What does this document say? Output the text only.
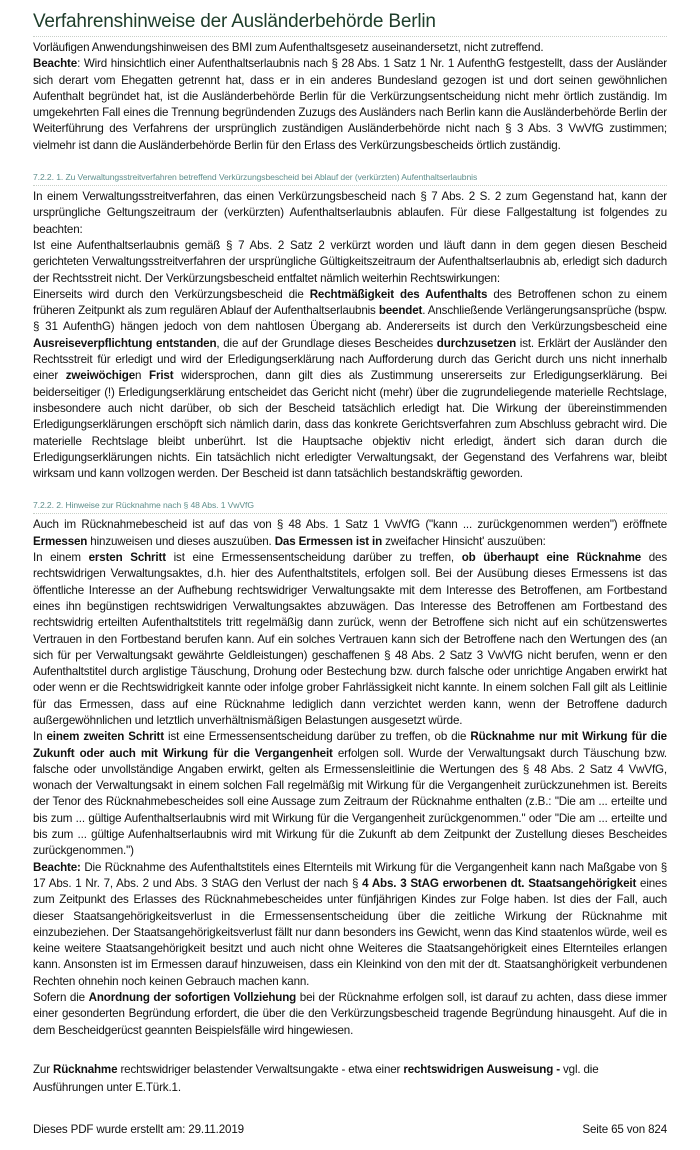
Verfahrenshinweise der Ausländerbehörde Berlin

Vorläufigen Anwendungshinweisen des BMI zum Aufenthaltsgesetz auseinandersetzt, nicht zutreffend.

Beachte: Wird hinsichtlich einer Aufenthaltserlaubnis nach § 28 Abs. 1 Satz 1 Nr. 1 AufenthG festgestellt, dass der Ausländer sich derart vom Ehegatten getrennt hat, dass er in ein anderes Bundesland gezogen ist und dort seinen gewöhnlichen Aufenthalt begründet hat, ist die Ausländerbehörde Berlin für die Verkürzungsentscheidung nicht mehr örtlich zuständig. Im umgekehrten Fall eines die Trennung begründenden Zuzugs des Ausländers nach Berlin kann die Ausländerbehörde Berlin der Weiterführung des Verfahrens der ursprünglich zuständigen Ausländerbehörde nicht nach § 3 Abs. 3 VwVfG zustimmen; vielmehr ist dann die Ausländerbehörde Berlin für den Erlass des Verkürzungsbescheids örtlich zuständig.

7.2.2. 1. Zu Verwaltungsstreitverfahren betreffend Verkürzungsbescheid bei Ablauf der (verkürzten) Aufenthaltserlaubnis

In einem Verwaltungsstreitverfahren, das einen Verkürzungsbescheid nach § 7 Abs. 2 S. 2 zum Gegenstand hat, kann der ursprüngliche Geltungszeitraum der (verkürzten) Aufenthaltserlaubnis ablaufen. Für diese Fallgestaltung ist folgendes zu beachten:

Ist eine Aufenthaltserlaubnis gemäß § 7 Abs. 2 Satz 2 verkürzt worden und läuft dann in dem gegen diesen Bescheid gerichteten Verwaltungsstreitverfahren der ursprüngliche Gültigkeitszeitraum der Aufenthaltserlaubnis ab, erledigt sich dadurch der Rechtsstreit nicht. Der Verkürzungsbescheid entfaltet nämlich weiterhin Rechtswirkungen:

Einerseits wird durch den Verkürzungsbescheid die Rechtmäßigkeit des Aufenthalts des Betroffenen schon zu einem früheren Zeitpunkt als zum regulären Ablauf der Aufenthaltserlaubnis beendet. Anschließende Verlängerungsansprüche (bspw. § 31 AufenthG) hängen jedoch von dem nahtlosen Übergang ab. Andererseits ist durch den Verkürzungsbescheid eine Ausreiseverpflichtung entstanden, die auf der Grundlage dieses Bescheides durchzusetzen ist. Erklärt der Ausländer den Rechtsstreit für erledigt und wird der Erledigungserklärung nach Aufforderung durch das Gericht durch uns nicht innerhalb einer zweiwöchigen Frist widersprochen, dann gilt dies als Zustimmung unsererseits zur Erledigungserklärung. Bei beiderseitiger (!) Erledigungserklärung entscheidet das Gericht nicht (mehr) über die zugrundeliegende materielle Rechtslage, insbesondere auch nicht darüber, ob sich der Bescheid tatsächlich erledigt hat. Die Wirkung der übereinstimmenden Erledigungserklärungen erschöpft sich nämlich darin, dass das konkrete Gerichtsverfahren zum Abschluss gebracht wird. Die materielle Rechtslage bleibt unberührt. Ist die Hauptsache objektiv nicht erledigt, ändert sich daran durch die Erledigungserklärungen nichts. Ein tatsächlich nicht erledigter Verwaltungsakt, der Gegenstand des Verfahrens war, bleibt wirksam und kann vollzogen werden. Der Bescheid ist dann tatsächlich bestandskräftig geworden.

7.2.2. 2. Hinweise zur Rücknahme nach § 48 Abs. 1 VwVfG

Auch im Rücknahmebescheid ist auf das von § 48 Abs. 1 Satz 1 VwVfG ("kann ... zurückgenommen werden") eröffnete Ermessen hinzuweisen und dieses auszuüben. Das Ermessen ist in zweifacher Hinsicht' auszuüben:

In einem ersten Schritt ist eine Ermessensentscheidung darüber zu treffen, ob überhaupt eine Rücknahme des rechtswidrigen Verwaltungsaktes, d.h. hier des Aufenthaltstitels, erfolgen soll. Bei der Ausübung dieses Ermessens ist das öffentliche Interesse an der Aufhebung rechtswidriger Verwaltungsakte mit dem Interesse des Betroffenen, am Fortbestand eines ihn begünstigen rechtswidrigen Verwaltungsaktes abzuwägen. Das Interesse des Betroffenen am Fortbestand des rechtswidrig erteilten Aufenthaltstitels tritt regelmäßig dann zurück, wenn der Betroffene sich nicht auf ein schützenswertes Vertrauen in den Fortbestand berufen kann. Auf ein solches Vertrauen kann sich der Betroffene nach den Wertungen des (an sich für per Verwaltungsakt gewährte Geldleistungen) geschaffenen § 48 Abs. 2 Satz 3 VwVfG nicht berufen, wenn er den Aufenthaltstitel durch arglistige Täuschung, Drohung oder Bestechung bzw. durch falsche oder unrichtige Angaben erwirkt hat oder wenn er die Rechtswidrigkeit kannte oder infolge grober Fahrlässigkeit nicht kannte. In einem solchen Fall gilt als Leitlinie für das Ermessen, dass auf eine Rücknahme lediglich dann verzichtet werden kann, wenn der Betroffene dadurch außergewöhnlichen und letztlich unverhältnismäßigen Belastungen ausgesetzt würde.

In einem zweiten Schritt ist eine Ermessensentscheidung darüber zu treffen, ob die Rücknahme nur mit Wirkung für die Zukunft oder auch mit Wirkung für die Vergangenheit erfolgen soll. Wurde der Verwaltungsakt durch Täuschung bzw. falsche oder unvollständige Angaben erwirkt, gelten als Ermessensleitlinie die Wertungen des § 48 Abs. 2 Satz 4 VwVfG, wonach der Verwaltungsakt in einem solchen Fall regelmäßig mit Wirkung für die Vergangenheit zurückzunehmen ist. Bereits der Tenor des Rücknahmebescheides soll eine Aussage zum Zeitraum der Rücknahme enthalten (z.B.: "Die am ... erteilte und bis zum ... gültige Aufenthaltserlaubnis wird mit Wirkung für die Vergangenheit zurückgenommen." oder "Die am ... erteilte und bis zum ... gültige Aufenhaltserlaubnis wird mit Wirkung für die Zukunft ab dem Zeitpunkt der Zustellung dieses Bescheides zurückgenommen.")

Beachte: Die Rücknahme des Aufenthaltstitels eines Elternteils mit Wirkung für die Vergangenheit kann nach Maßgabe von § 17 Abs. 1 Nr. 7, Abs. 2 und Abs. 3 StAG den Verlust der nach § 4 Abs. 3 StAG erworbenen dt. Staatsangehörigkeit eines zum Zeitpunkt des Erlasses des Rücknahmebescheides unter fünfjährigen Kindes zur Folge haben. Ist dies der Fall, auch dieser Staatsangehörigkeitsverlust in die Ermessensentscheidung über die zeitliche Wirkung der Rücknahme mit einzubeziehen. Der Staatsangehörigkeitsverlust fällt nur dann besonders ins Gewicht, wenn das Kind staatenlos würde, weil es keine weitere Staatsangehörigkeit besitzt und auch nicht ohne Weiteres die Staatsangehörigkeit eines Elternteiles erlangen kann. Ansonsten ist im Ermessen darauf hinzuweisen, dass ein Kleinkind von den mit der dt. Staatsanghörigkeit verbundenen Rechten ohnehin noch keinen Gebrauch machen kann.

Sofern die Anordnung der sofortigen Vollziehung bei der Rücknahme erfolgen soll, ist darauf zu achten, dass diese immer einer gesonderten Begründung erfordert, die über die den Verkürzungsbescheid tragende Begründung hinausgeht. Auf die in dem Bescheidgerücst geannten Beispielsfälle wird hingewiesen.

Zur Rücknahme rechtswidriger belastender Verwaltsungakte - etwa einer rechtswidrigen Ausweisung - vgl. die Ausführungen unter E.Türk.1.

Dieses PDF wurde erstellt am: 29.11.2019	Seite 65 von 824
